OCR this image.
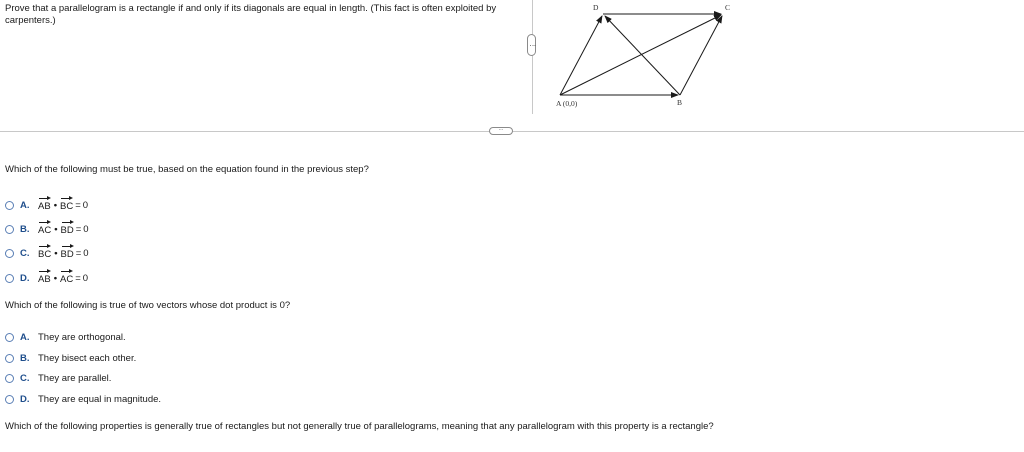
Prove that a parallelogram is a rectangle if and only if its diagonals are equal in length. (This fact is often exploited by carpenters.)
⋮
D	C
A (0,0)	B
∙∙∙
Which of the following must be true, based on the equation found in the previous step?
A. AB • BC = 0
B. AC • BD = 0
C. BC • BD = 0
D. AB • AC = 0
Which of the following is true of two vectors whose dot product is 0?
A. They are orthogonal.
B. They bisect each other.
C. They are parallel.
D. They are equal in magnitude.
Which of the following properties is generally true of rectangles but not generally true of parallelograms, meaning that any parallelogram with this property is a rectangle?
